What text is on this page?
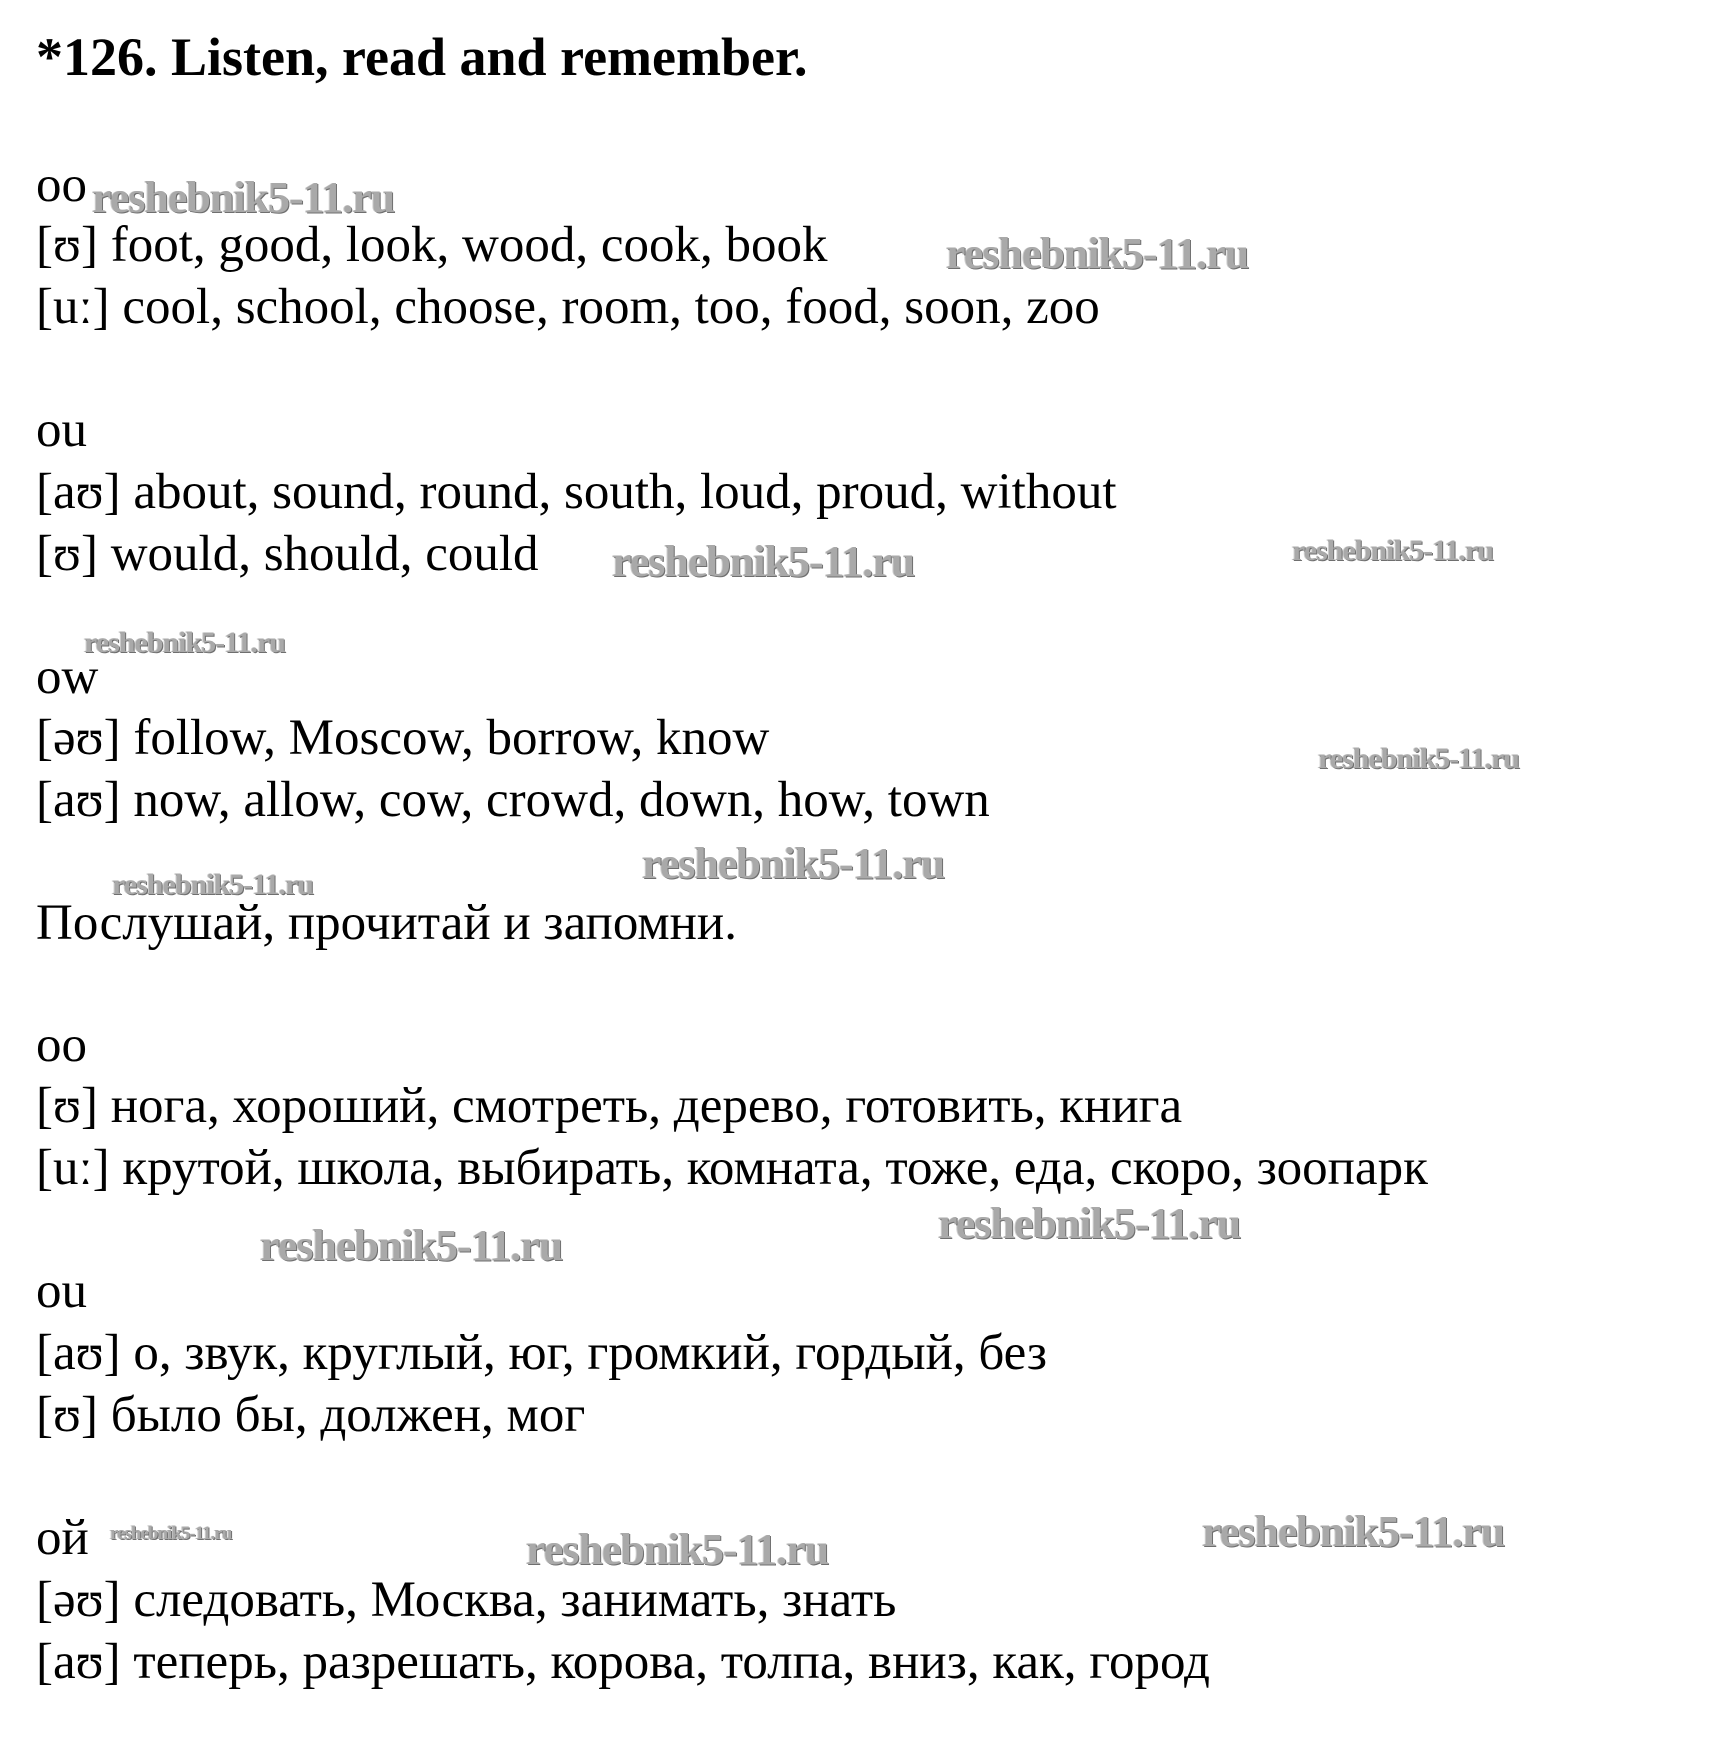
*126. Listen, read and remember.
oo
[ʊ] foot, good, look, wood, cook, book
[uː] cool, school, choose, room, too, food, soon, zoo
ou
[aʊ] about, sound, round, south, loud, proud, without
[ʊ] would, should, could
ow
[əʊ] follow, Moscow, borrow, know
[aʊ] now, allow, cow, crowd, down, how, town
Послушай, прочитай и запомни.
oo
[ʊ] нога, хороший, смотреть, дерево, готовить, книга
[uː] крутой, школа, выбирать, комната, тоже, еда, скоро, зоопарк
ou
[aʊ] о, звук, круглый, юг, громкий, гордый, без
[ʊ] было бы, должен, мог
ой
[əʊ] следовать, Москва, занимать, знать
[aʊ] теперь, разрешать, корова, толпа, вниз, как, город
reshebnik5-11.ru
reshebnik5-11.ru
reshebnik5-11.ru	reshebnik5-11.ru
reshebnik5-11.ru
reshebnik5-11.ru
reshebnik5-11.ru	reshebnik5-11.ru
reshebnik5-11.ru
reshebnik5-11.ru
reshebnik5-11.ru
reshebnik5-11.ru
reshebnik5-11.ru
